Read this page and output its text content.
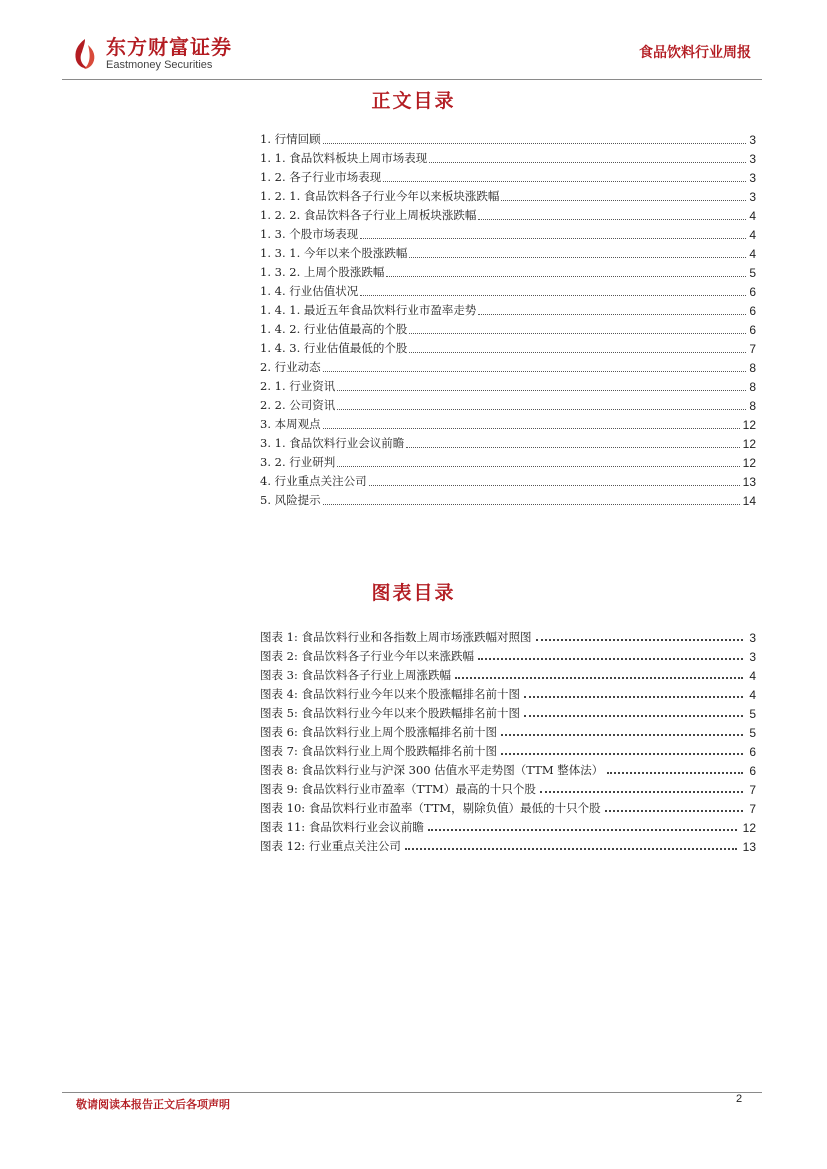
东方财富证券
Eastmoney Securities
食品饮料行业周报
正文目录
1. 行情回顾	3
1. 1. 食品饮料板块上周市场表现	3
1. 2. 各子行业市场表现	3
1. 2. 1. 食品饮料各子行业今年以来板块涨跌幅	3
1. 2. 2. 食品饮料各子行业上周板块涨跌幅	4
1. 3. 个股市场表现	4
1. 3. 1. 今年以来个股涨跌幅	4
1. 3. 2. 上周个股涨跌幅	5
1. 4. 行业估值状况	6
1. 4. 1. 最近五年食品饮料行业市盈率走势	6
1. 4. 2. 行业估值最高的个股	6
1. 4. 3. 行业估值最低的个股	7
2. 行业动态	8
2. 1. 行业资讯	8
2. 2. 公司资讯	8
3. 本周观点	12
3. 1. 食品饮料行业会议前瞻	12
3. 2. 行业研判	12
4. 行业重点关注公司	13
5. 风险提示	14
图表目录
图表 1: 食品饮料行业和各指数上周市场涨跌幅对照图	3
图表 2: 食品饮料各子行业今年以来涨跌幅	3
图表 3: 食品饮料各子行业上周涨跌幅	4
图表 4: 食品饮料行业今年以来个股涨幅排名前十图	4
图表 5: 食品饮料行业今年以来个股跌幅排名前十图	5
图表 6: 食品饮料行业上周个股涨幅排名前十图	5
图表 7: 食品饮料行业上周个股跌幅排名前十图	6
图表 8: 食品饮料行业与沪深 300 估值水平走势图（TTM 整体法）	6
图表 9: 食品饮料行业市盈率（TTM）最高的十只个股	7
图表 10: 食品饮料行业市盈率（TTM，剔除负值）最低的十只个股	7
图表 11: 食品饮料行业会议前瞻	12
图表 12: 行业重点关注公司	13
敬请阅读本报告正文后各项声明	2
